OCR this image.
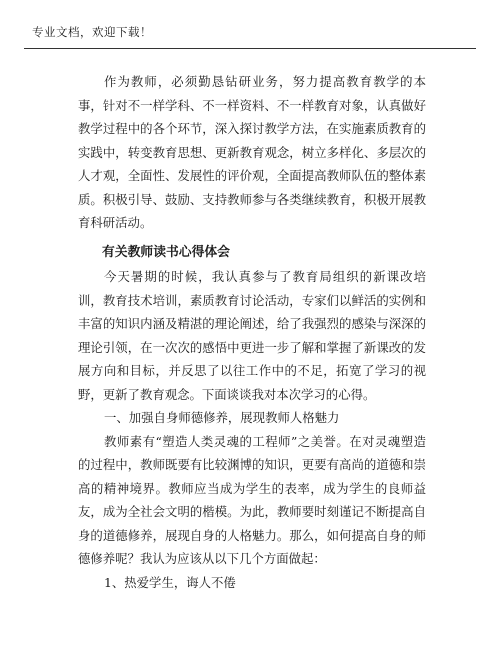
专业文档，欢迎下载！

作为教师，必须勤恳钻研业务，努力提高教育教学的本事，针对不一样学科、不一样资料、不一样教育对象，认真做好教学过程中的各个环节，深入探讨教学方法，在实施素质教育的实践中，转变教育思想、更新教育观念，树立多样化、多层次的人才观，全面性、发展性的评价观，全面提高教师队伍的整体素质。积极引导、鼓励、支持教师参与各类继续教育，积极开展教育科研活动。

有关教师读书心得体会

今天暑期的时候，我认真参与了教育局组织的新课改培训，教育技术培训，素质教育讨论活动，专家们以鲜活的实例和丰富的知识内涵及精湛的理论阐述，给了我强烈的感染与深深的理论引领，在一次次的感悟中更进一步了解和掌握了新课改的发展方向和目标，并反思了以往工作中的不足，拓宽了学习的视野，更新了教育观念。下面谈谈我对本次学习的心得。

一、加强自身师德修养，展现教师人格魅力

教师素有“塑造人类灵魂的工程师”之美誉。在对灵魂塑造的过程中，教师既要有比较渊博的知识，更要有高尚的道德和崇高的精神境界。教师应当成为学生的表率，成为学生的良师益友，成为全社会文明的楷模。为此，教师要时刻谨记不断提高自身的道德修养，展现自身的人格魅力。那么，如何提高自身的师德修养呢？我认为应该从以下几个方面做起：

1、热爱学生，诲人不倦
